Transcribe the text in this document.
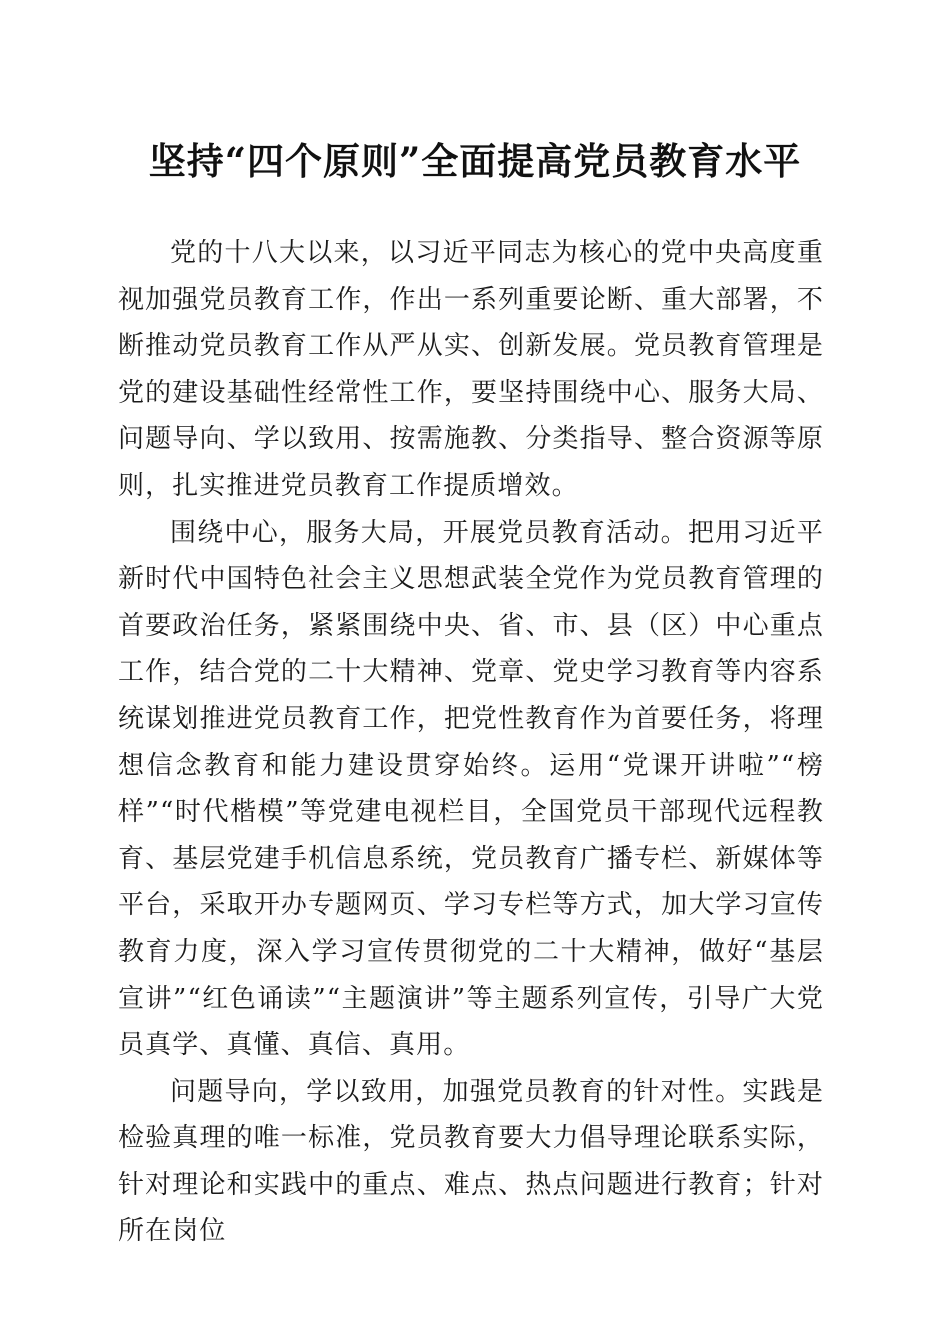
坚持“四个原则”全面提高党员教育水平

党的十八大以来，以习近平同志为核心的党中央高度重视加强党员教育工作，作出一系列重要论断、重大部署，不断推动党员教育工作从严从实、创新发展。党员教育管理是党的建设基础性经常性工作，要坚持围绕中心、服务大局、问题导向、学以致用、按需施教、分类指导、整合资源等原则，扎实推进党员教育工作提质增效。

围绕中心，服务大局，开展党员教育活动。把用习近平新时代中国特色社会主义思想武装全党作为党员教育管理的首要政治任务，紧紧围绕中央、省、市、县（区）中心重点工作，结合党的二十大精神、党章、党史学习教育等内容系统谋划推进党员教育工作，把党性教育作为首要任务，将理想信念教育和能力建设贯穿始终。运用“党课开讲啦”“榜样”“时代楷模”等党建电视栏目，全国党员干部现代远程教育、基层党建手机信息系统，党员教育广播专栏、新媒体等平台，采取开办专题网页、学习专栏等方式，加大学习宣传教育力度，深入学习宣传贯彻党的二十大精神，做好“基层宣讲”“红色诵读”“主题演讲”等主题系列宣传，引导广大党员真学、真懂、真信、真用。

问题导向，学以致用，加强党员教育的针对性。实践是检验真理的唯一标准，党员教育要大力倡导理论联系实际，针对理论和实践中的重点、难点、热点问题进行教育；针对所在岗位
